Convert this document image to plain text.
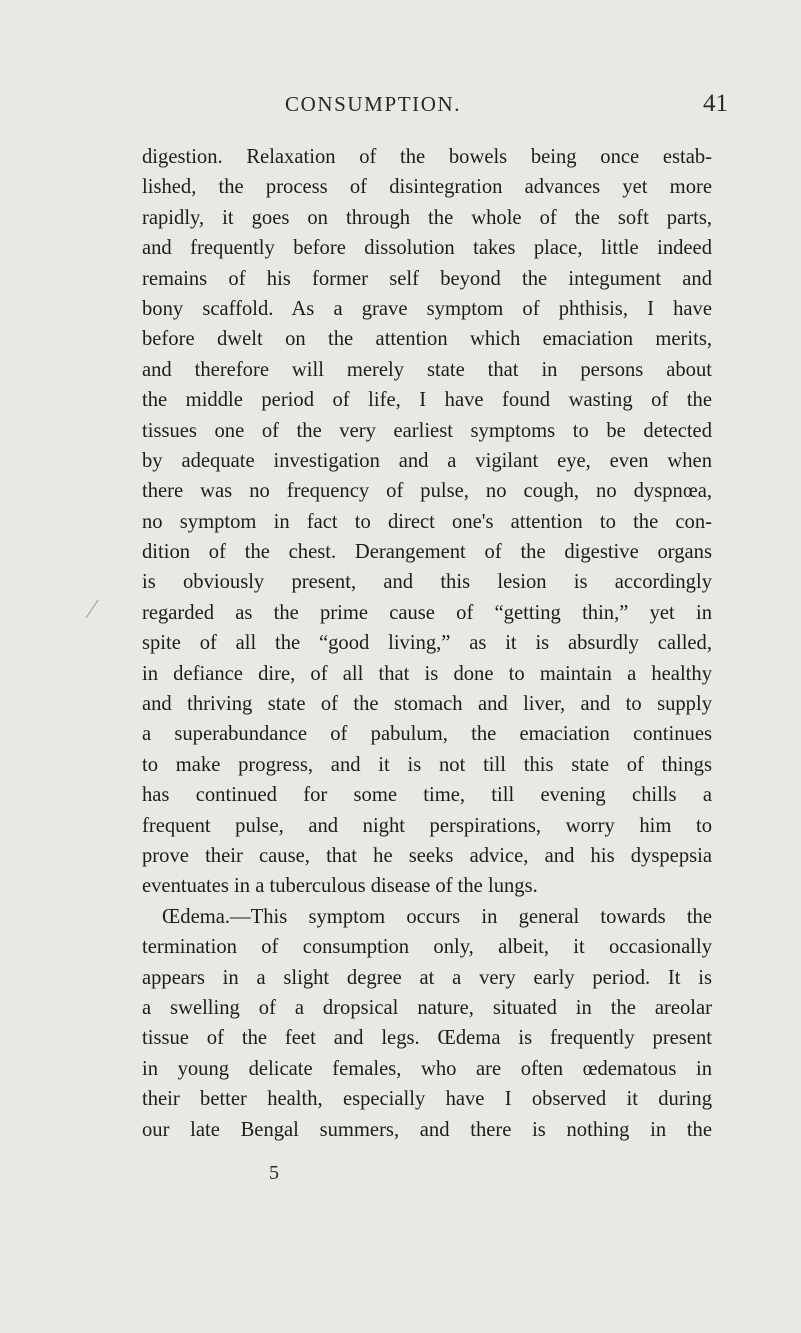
CONSUMPTION.	41
digestion. Relaxation of the bowels being once estab-
lished, the process of disintegration advances yet more
rapidly, it goes on through the whole of the soft parts,
and frequently before dissolution takes place, little indeed
remains of his former self beyond the integument and
bony scaffold. As a grave symptom of phthisis, I have
before dwelt on the attention which emaciation merits,
and therefore will merely state that in persons about
the middle period of life, I have found wasting of the
tissues one of the very earliest symptoms to be detected
by adequate investigation and a vigilant eye, even when
there was no frequency of pulse, no cough, no dyspnœa,
no symptom in fact to direct one's attention to the con-
dition of the chest. Derangement of the digestive organs
is obviously present, and this lesion is accordingly
regarded as the prime cause of “getting thin,” yet in
spite of all the “good living,” as it is absurdly called,
in defiance dire, of all that is done to maintain a healthy
and thriving state of the stomach and liver, and to supply
a superabundance of pabulum, the emaciation continues
to make progress, and it is not till this state of things
has continued for some time, till evening chills a
frequent pulse, and night perspirations, worry him to
prove their cause, that he seeks advice, and his dyspepsia
eventuates in a tuberculous disease of the lungs.
Œdema.—This symptom occurs in general towards the
termination of consumption only, albeit, it occasionally
appears in a slight degree at a very early period. It is
a swelling of a dropsical nature, situated in the areolar
tissue of the feet and legs. Œdema is frequently present
in young delicate females, who are often œdematous in
their better health, especially have I observed it during
our late Bengal summers, and there is nothing in the
5
